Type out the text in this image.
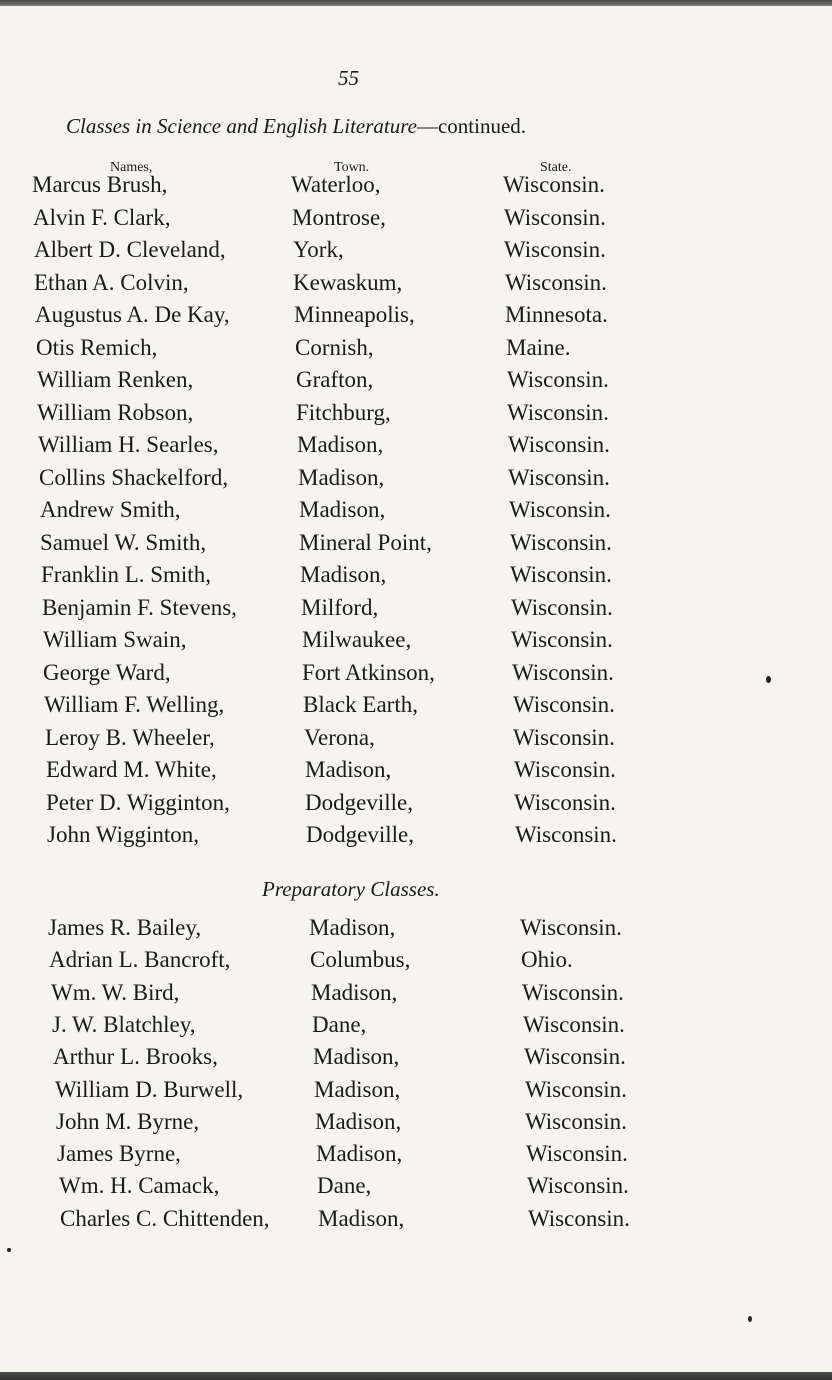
55
Classes in Science and English Literature—continued.
Names,	Town.	State.
Marcus Brush,	Waterloo,	Wisconsin.
Alvin F. Clark,	Montrose,	Wisconsin.
Albert D. Cleveland,	York,	Wisconsin.
Ethan A. Colvin,	Kewaskum,	Wisconsin.
Augustus A. De Kay,	Minneapolis,	Minnesota.
Otis Remich,	Cornish,	Maine.
William Renken,	Grafton,	Wisconsin.
William Robson,	Fitchburg,	Wisconsin.
William H. Searles,	Madison,	Wisconsin.
Collins Shackelford,	Madison,	Wisconsin.
Andrew Smith,	Madison,	Wisconsin.
Samuel W. Smith,	Mineral Point,	Wisconsin.
Franklin L. Smith,	Madison,	Wisconsin.
Benjamin F. Stevens,	Milford,	Wisconsin.
William Swain,	Milwaukee,	Wisconsin.
George Ward,	Fort Atkinson,	Wisconsin.
William F. Welling,	Black Earth,	Wisconsin.
Leroy B. Wheeler,	Verona,	Wisconsin.
Edward M. White,	Madison,	Wisconsin.
Peter D. Wigginton,	Dodgeville,	Wisconsin.
John Wigginton,	Dodgeville,	Wisconsin.
Preparatory Classes.
James R. Bailey,	Madison,	Wisconsin.
Adrian L. Bancroft,	Columbus,	Ohio.
Wm. W. Bird,	Madison,	Wisconsin.
J. W. Blatchley,	Dane,	Wisconsin.
Arthur L. Brooks,	Madison,	Wisconsin.
William D. Burwell,	Madison,	Wisconsin.
John M. Byrne,	Madison,	Wisconsin.
James Byrne,	Madison,	Wisconsin.
Wm. H. Camack,	Dane,	Wisconsin.
Charles C. Chittenden, Madison,	Wisconsin.
